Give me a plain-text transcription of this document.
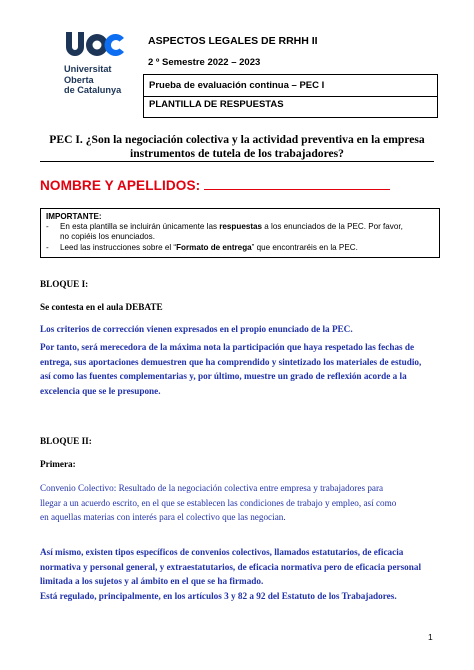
Universitat
Oberta
de Catalunya
ASPECTOS LEGALES DE RRHH II
2 º Semestre 2022 – 2023
Prueba de evaluación continua – PEC I
PLANTILLA DE RESPUESTAS
PEC I. ¿Son la negociación colectiva y la actividad preventiva en la empresa
instrumentos de tutela de los trabajadores?
NOMBRE Y APELLIDOS:
IMPORTANTE:
- En esta plantilla se incluirán únicamente las respuestas a los enunciados de la PEC. Por favor,
no copiéis los enunciados.
- Leed las instrucciones sobre el “Formato de entrega” que encontraréis en la PEC.
BLOQUE I:
Se contesta en el aula DEBATE
Los criterios de corrección vienen expresados en el propio enunciado de la PEC.
Por tanto, será merecedora de la máxima nota la participación que haya respetado las fechas de
entrega, sus aportaciones demuestren que ha comprendido y sintetizado los materiales de estudio,
así como las fuentes complementarias y, por último, muestre un grado de reflexión acorde a la
excelencia que se le presupone.
BLOQUE II:
Primera:
Convenio Colectivo: Resultado de la negociación colectiva entre empresa y trabajadores para
llegar a un acuerdo escrito, en el que se establecen las condiciones de trabajo y empleo, así como
en aquellas materias con interés para el colectivo que las negocian.
Así mismo, existen tipos específicos de convenios colectivos, llamados estatutarios, de eficacia
normativa y personal general, y extraestatutarios, de eficacia normativa pero de eficacia personal
limitada a los sujetos y al ámbito en el que se ha firmado.
Está regulado, principalmente, en los artículos 3 y 82 a 92 del Estatuto de los Trabajadores.
1
